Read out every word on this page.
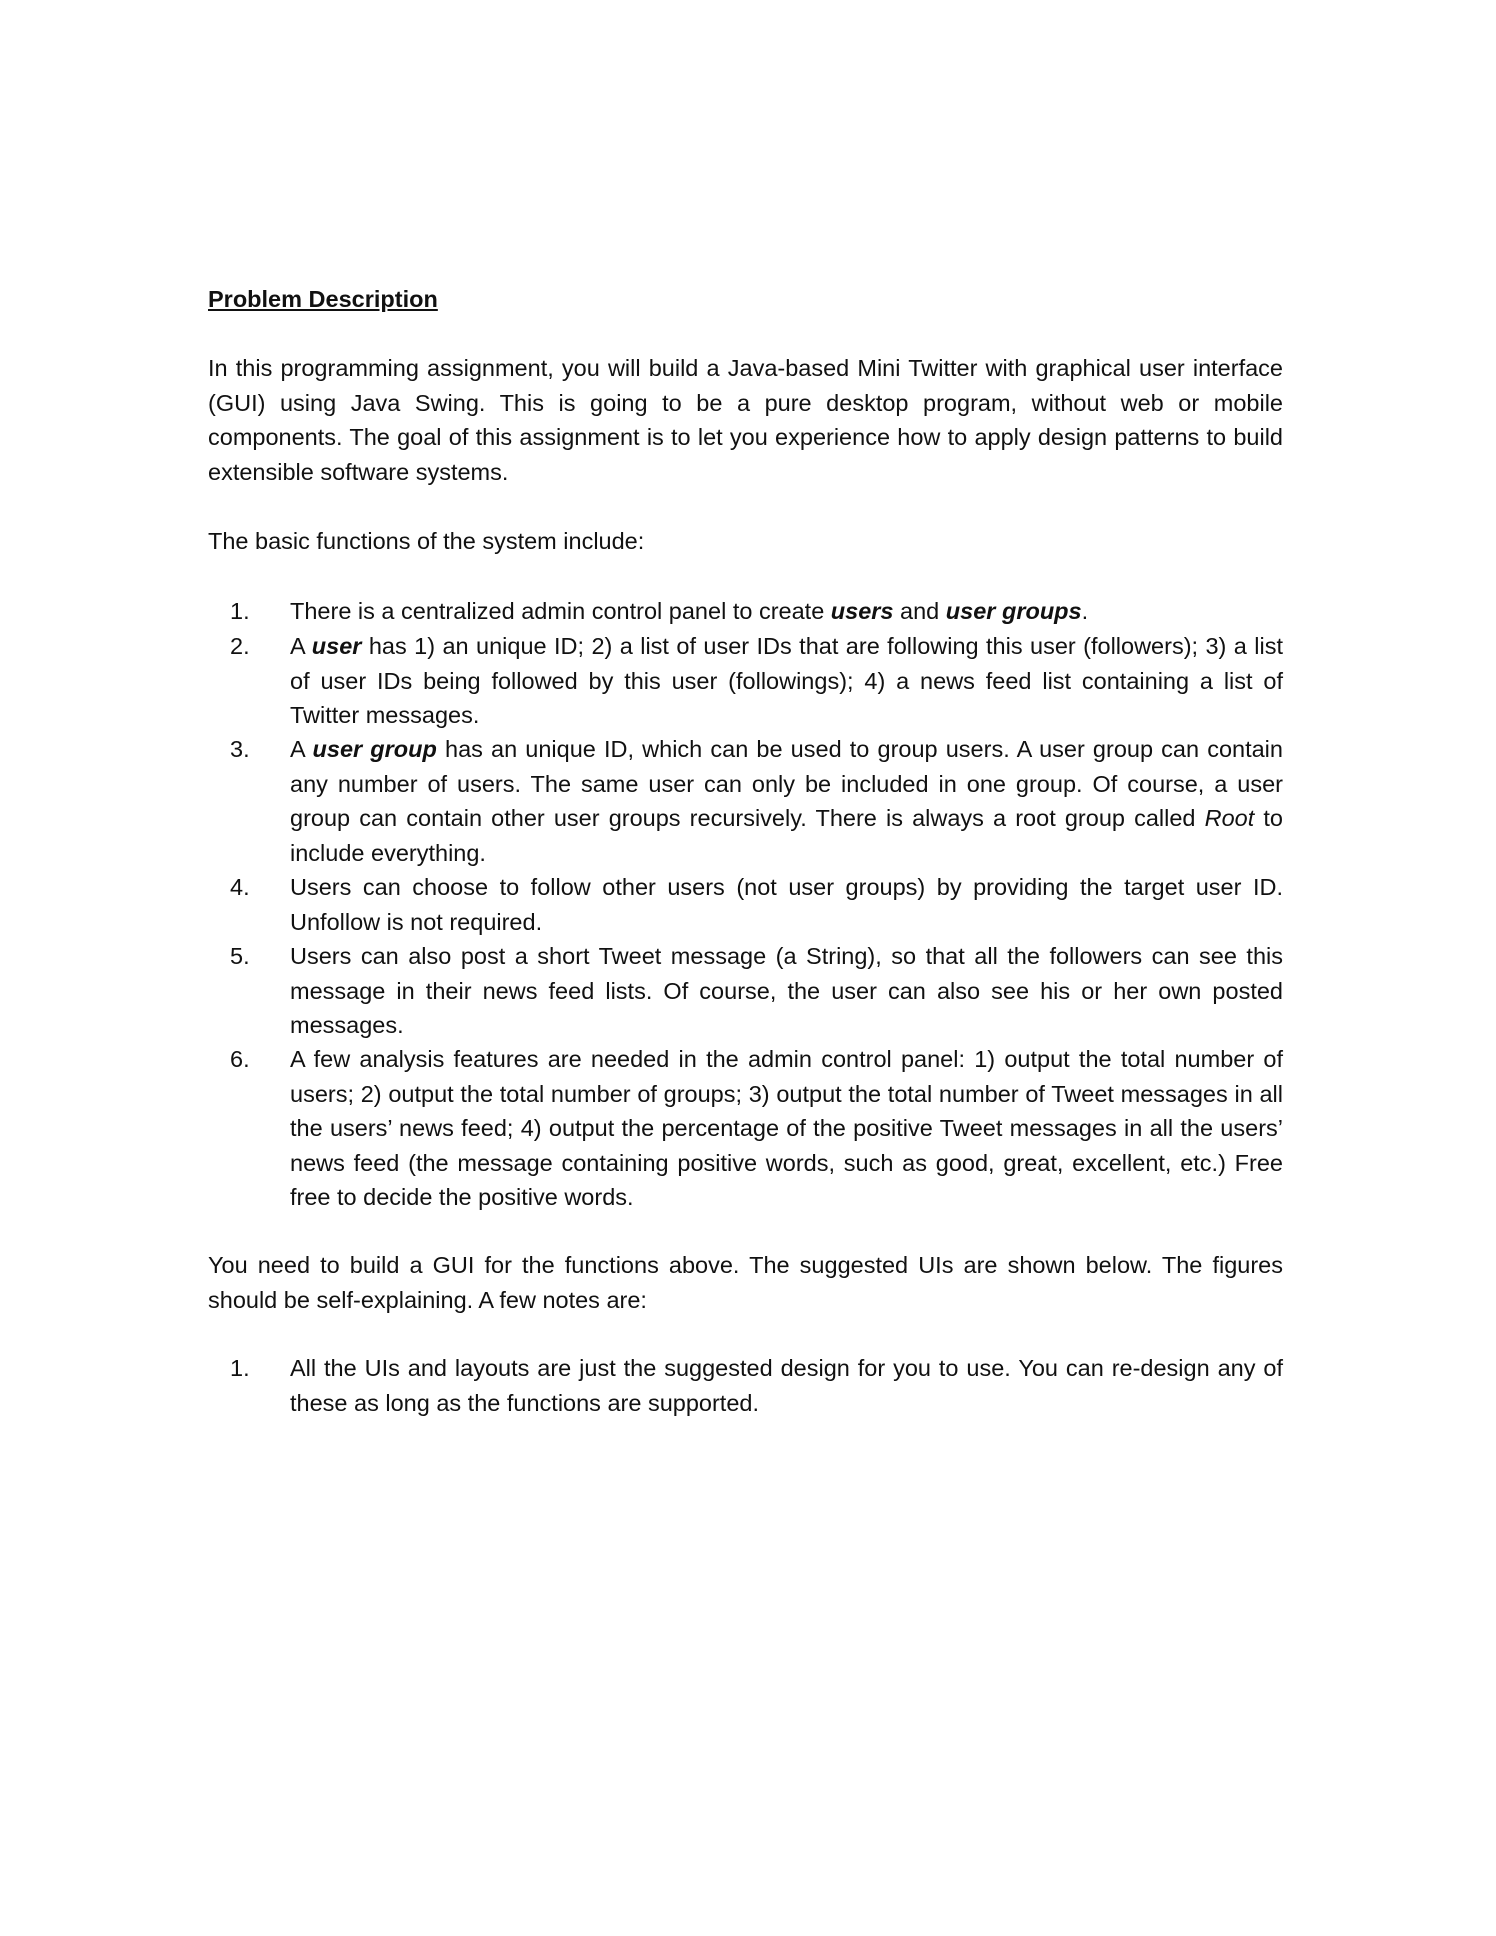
Problem Description
In this programming assignment, you will build a Java-based Mini Twitter with graphical user interface (GUI) using Java Swing. This is going to be a pure desktop program, without web or mobile components. The goal of this assignment is to let you experience how to apply design patterns to build extensible software systems.
The basic functions of the system include:
1. There is a centralized admin control panel to create users and user groups.
2. A user has 1) an unique ID; 2) a list of user IDs that are following this user (followers); 3) a list of user IDs being followed by this user (followings); 4) a news feed list containing a list of Twitter messages.
3. A user group has an unique ID, which can be used to group users. A user group can contain any number of users. The same user can only be included in one group. Of course, a user group can contain other user groups recursively. There is always a root group called Root to include everything.
4. Users can choose to follow other users (not user groups) by providing the target user ID. Unfollow is not required.
5. Users can also post a short Tweet message (a String), so that all the followers can see this message in their news feed lists. Of course, the user can also see his or her own posted messages.
6. A few analysis features are needed in the admin control panel: 1) output the total number of users; 2) output the total number of groups; 3) output the total number of Tweet messages in all the users’ news feed; 4) output the percentage of the positive Tweet messages in all the users’ news feed (the message containing positive words, such as good, great, excellent, etc.) Free free to decide the positive words.
You need to build a GUI for the functions above. The suggested UIs are shown below. The figures should be self-explaining. A few notes are:
1. All the UIs and layouts are just the suggested design for you to use. You can re-design any of these as long as the functions are supported.
